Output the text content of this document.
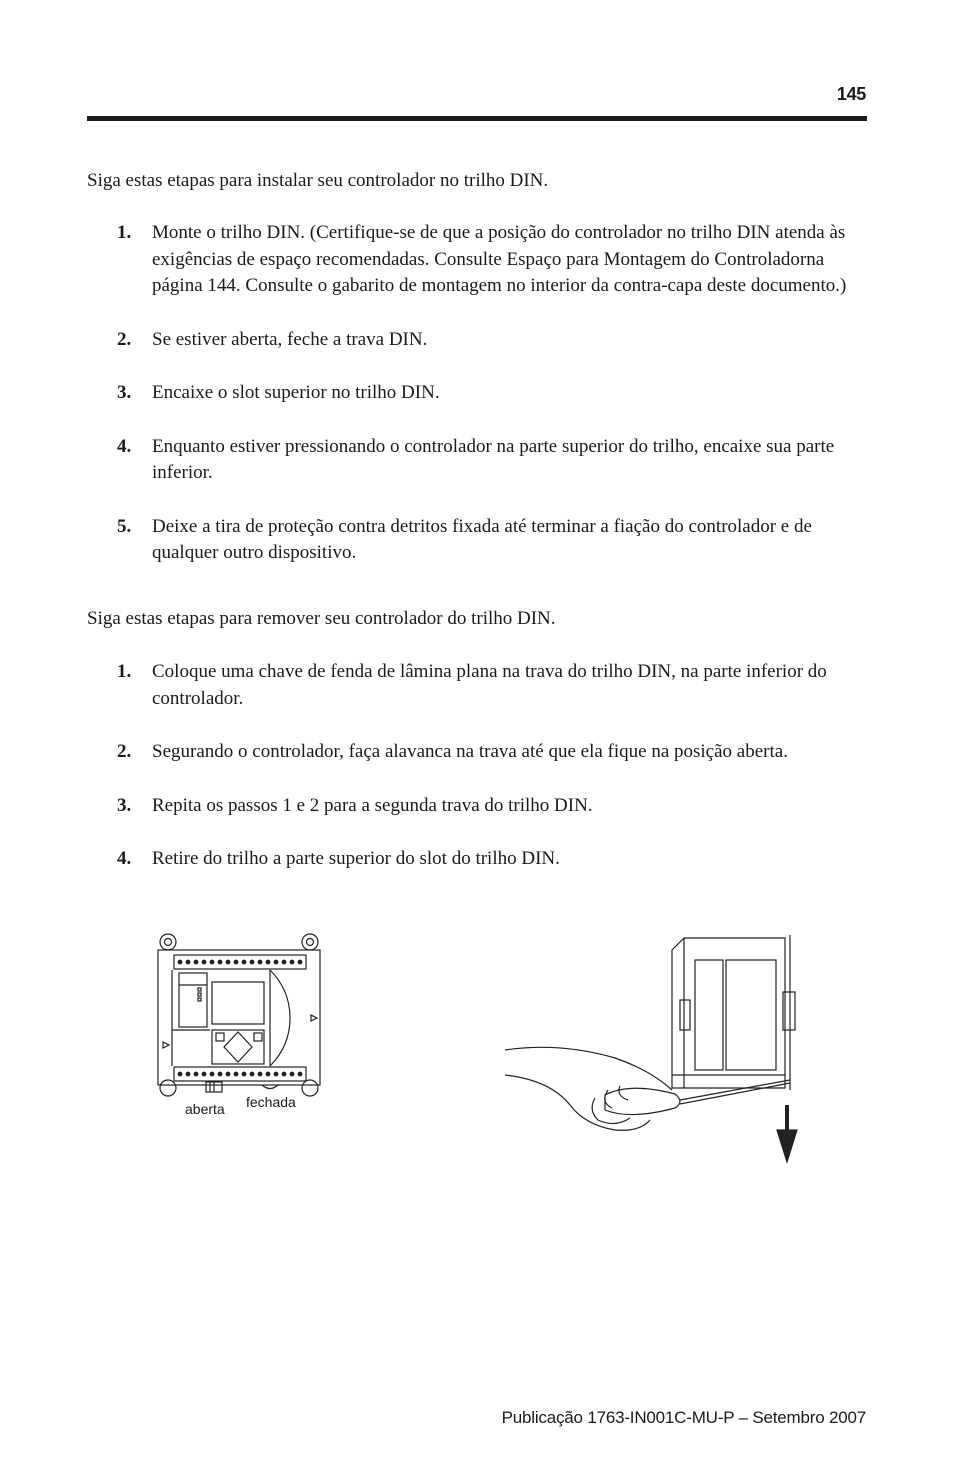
145

Siga estas etapas para instalar seu controlador no trilho DIN.

1. Monte o trilho DIN. (Certifique-se de que a posição do controlador no trilho DIN atenda às exigências de espaço recomendadas. Consulte Espaço para Montagem do Controladorna página 144. Consulte o gabarito de montagem no interior da contra-capa deste documento.)
2. Se estiver aberta, feche a trava DIN.
3. Encaixe o slot superior no trilho DIN.
4. Enquanto estiver pressionando o controlador na parte superior do trilho, encaixe sua parte inferior.
5. Deixe a tira de proteção contra detritos fixada até terminar a fiação do controlador e de qualquer outro dispositivo.

Siga estas etapas para remover seu controlador do trilho DIN.

1. Coloque uma chave de fenda de lâmina plana na trava do trilho DIN, na parte inferior do controlador.
2. Segurando o controlador, faça alavanca na trava até que ela fique na posição aberta.
3. Repita os passos 1 e 2 para a segunda trava do trilho DIN.
4. Retire do trilho a parte superior do slot do trilho DIN.
aberta fechada
Publicação 1763-IN001C-MU-P – Setembro 2007
